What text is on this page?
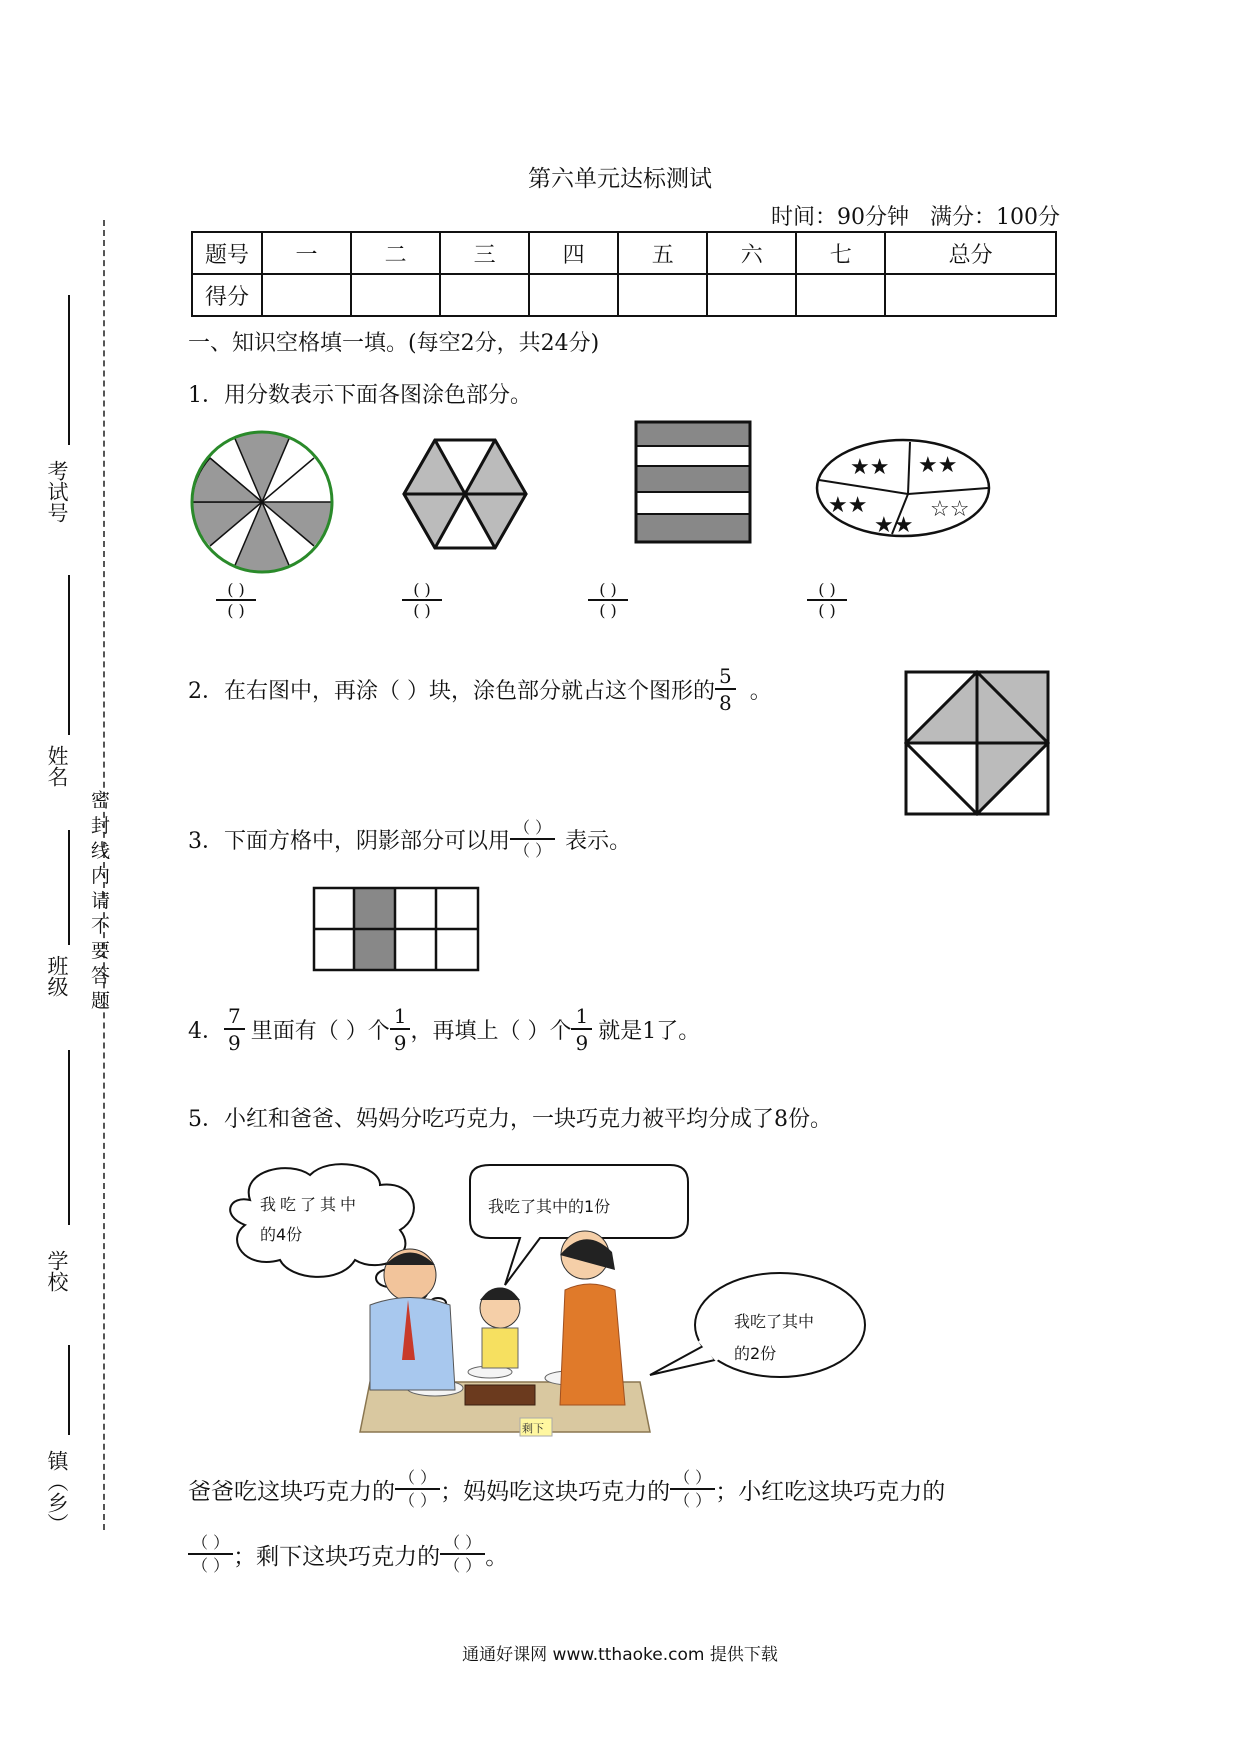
考试号
姓名
班级
学校
镇（乡）
密 封 线 内 请 不 要 答 题
第六单元达标测试
时间：90分钟 满分：100分
题号	一	二	三	四	五	六	七	总分
得分								
一、知识空格填一填。(每空2分，共24分)
1．用分数表示下面各图涂色部分。
★★ ★★
★★
★★
☆☆
( )
( )
( )
( )
( )
( )
( )
( )
2．在右图中，再涂（ ）块，涂色部分就占这个图形的 $\frac{5}{8}$ 。
3．下面方格中，阴影部分可以用 $\frac{( )}{( )}$ 表示。
4． $\frac{7}{9}$ 里面有（ ）个 $\frac{1}{9}$ ，再填上（ ）个 $\frac{1}{9}$ 就是1了。
5．小红和爸爸、妈妈分吃巧克力，一块巧克力被平均分成了8份。
剩下
我吃了其中
的4份
我吃了其中的1份
我吃了其中
的2份
爸爸吃这块巧克力的 $\frac{( )}{( )}$ ；妈妈吃这块巧克力的 $\frac{( )}{( )}$ ；小红吃这块巧克力的
$\frac{( )}{( )}$ ；剩下这块巧克力的 $\frac{( )}{( )}$ 。
通通好课网 www.tthaoke.com 提供下载
